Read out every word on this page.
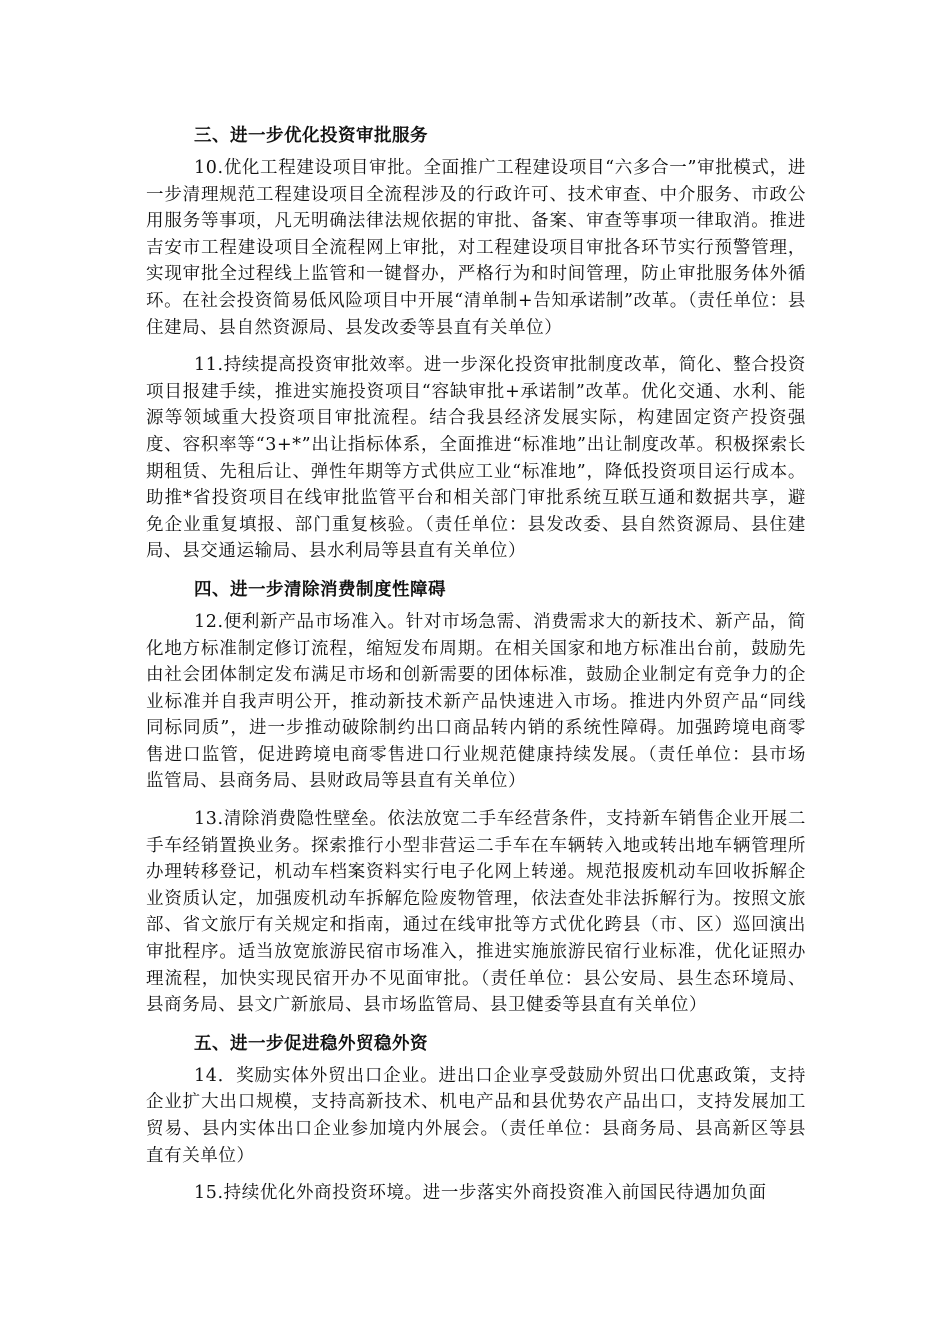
三、进一步优化投资审批服务

10.优化工程建设项目审批。全面推广工程建设项目“六多合一”审批模式，进一步清理规范工程建设项目全流程涉及的行政许可、技术审查、中介服务、市政公用服务等事项，凡无明确法律法规依据的审批、备案、审查等事项一律取消。推进吉安市工程建设项目全流程网上审批，对工程建设项目审批各环节实行预警管理，实现审批全过程线上监管和一键督办，严格行为和时间管理，防止审批服务体外循环。在社会投资简易低风险项目中开展“清单制+告知承诺制”改革。（责任单位：县住建局、县自然资源局、县发改委等县直有关单位）

11.持续提高投资审批效率。进一步深化投资审批制度改革，简化、整合投资项目报建手续，推进实施投资项目“容缺审批+承诺制”改革。优化交通、水利、能源等领域重大投资项目审批流程。结合我县经济发展实际，构建固定资产投资强度、容积率等“3+*”出让指标体系，全面推进“标准地”出让制度改革。积极探索长期租赁、先租后让、弹性年期等方式供应工业“标准地”，降低投资项目运行成本。助推*省投资项目在线审批监管平台和相关部门审批系统互联互通和数据共享，避免企业重复填报、部门重复核验。（责任单位：县发改委、县自然资源局、县住建局、县交通运输局、县水利局等县直有关单位）

四、进一步清除消费制度性障碍

12.便利新产品市场准入。针对市场急需、消费需求大的新技术、新产品，简化地方标准制定修订流程，缩短发布周期。在相关国家和地方标准出台前，鼓励先由社会团体制定发布满足市场和创新需要的团体标准，鼓励企业制定有竞争力的企业标准并自我声明公开，推动新技术新产品快速进入市场。推进内外贸产品“同线同标同质”，进一步推动破除制约出口商品转内销的系统性障碍。加强跨境电商零售进口监管，促进跨境电商零售进口行业规范健康持续发展。（责任单位：县市场监管局、县商务局、县财政局等县直有关单位）

13.清除消费隐性壁垒。依法放宽二手车经营条件，支持新车销售企业开展二手车经销置换业务。探索推行小型非营运二手车在车辆转入地或转出地车辆管理所办理转移登记，机动车档案资料实行电子化网上转递。规范报废机动车回收拆解企业资质认定，加强废机动车拆解危险废物管理，依法查处非法拆解行为。按照文旅部、省文旅厅有关规定和指南，通过在线审批等方式优化跨县（市、区）巡回演出审批程序。适当放宽旅游民宿市场准入，推进实施旅游民宿行业标准，优化证照办理流程，加快实现民宿开办不见面审批。（责任单位：县公安局、县生态环境局、县商务局、县文广新旅局、县市场监管局、县卫健委等县直有关单位）

五、进一步促进稳外贸稳外资

14．奖励实体外贸出口企业。进出口企业享受鼓励外贸出口优惠政策，支持企业扩大出口规模，支持高新技术、机电产品和县优势农产品出口，支持发展加工贸易、县内实体出口企业参加境内外展会。（责任单位：县商务局、县高新区等县直有关单位）

15.持续优化外商投资环境。进一步落实外商投资准入前国民待遇加负面
